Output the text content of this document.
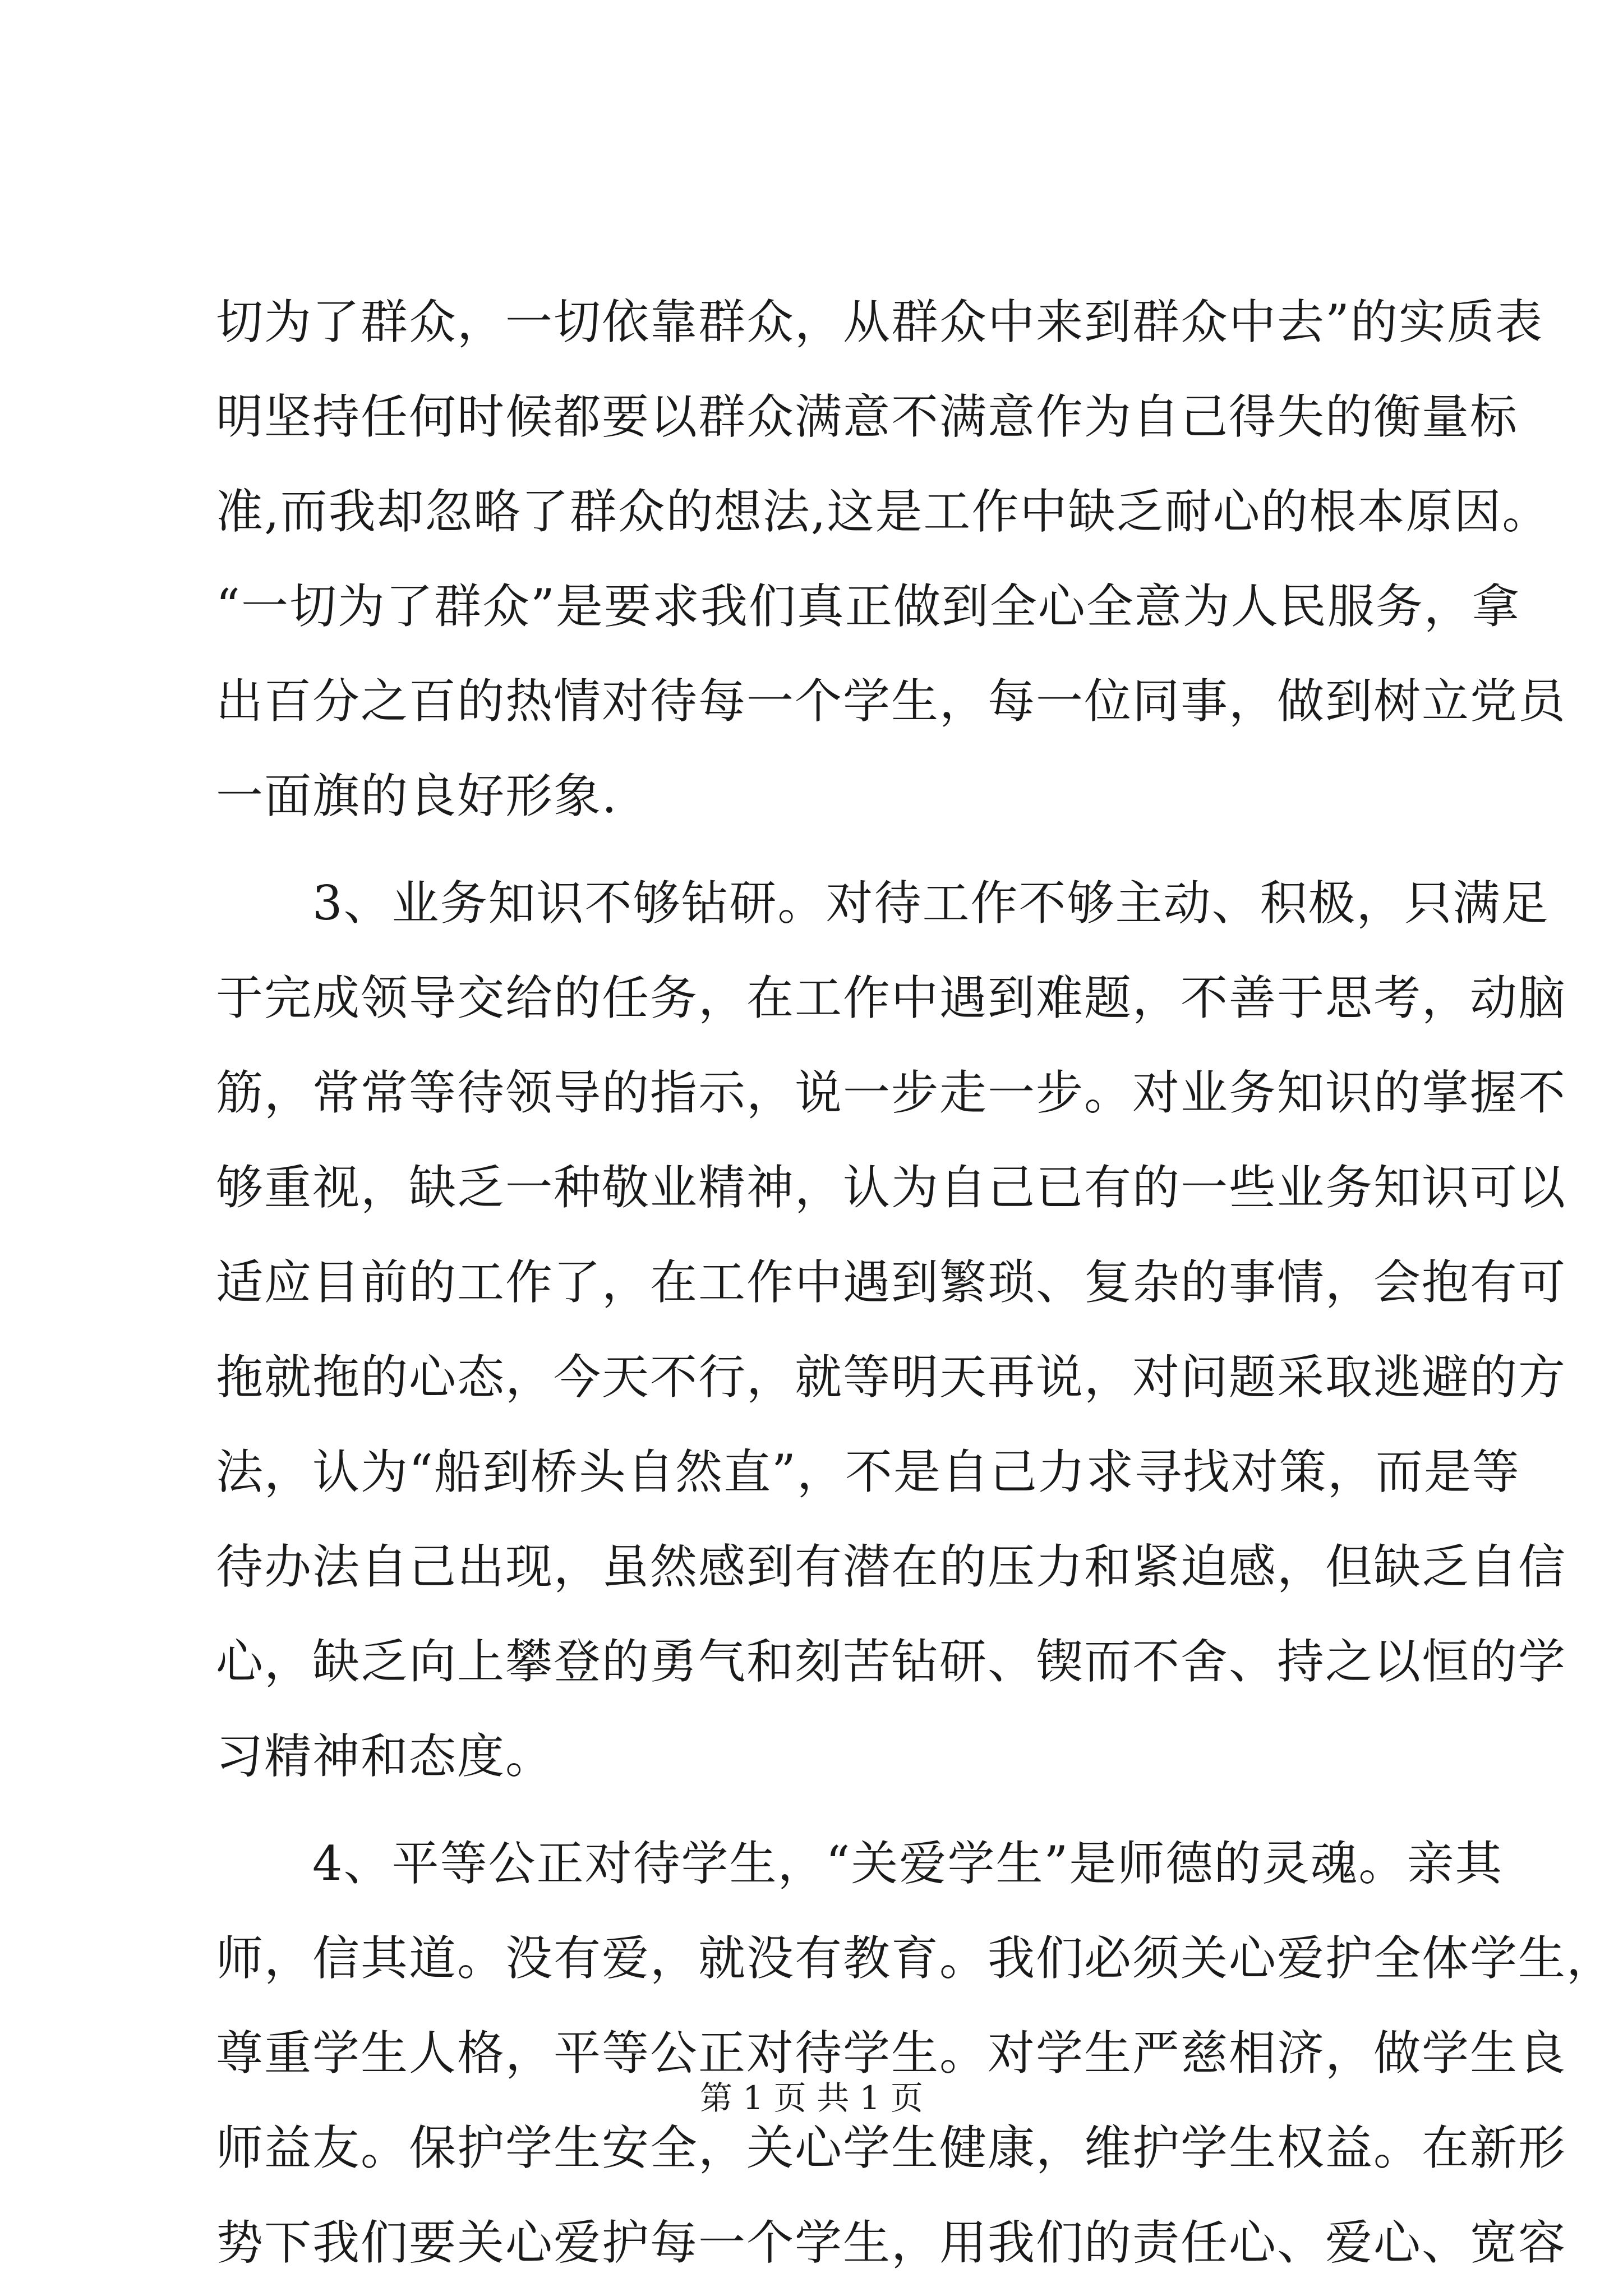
切为了群众，一切依靠群众，从群众中来到群众中去”的实质表
明坚持任何时候都要以群众满意不满意作为自己得失的衡量标
准,而我却忽略了群众的想法,这是工作中缺乏耐心的根本原因。
“一切为了群众”是要求我们真正做到全心全意为人民服务，拿
出百分之百的热情对待每一个学生，每一位同事，做到树立党员
一面旗的良好形象.
　　3、业务知识不够钻研。对待工作不够主动、积极，只满足
于完成领导交给的任务，在工作中遇到难题，不善于思考，动脑
筋，常常等待领导的指示，说一步走一步。对业务知识的掌握不
够重视，缺乏一种敬业精神，认为自己已有的一些业务知识可以
适应目前的工作了，在工作中遇到繁琐、复杂的事情，会抱有可
拖就拖的心态，今天不行，就等明天再说，对问题采取逃避的方
法，认为“船到桥头自然直”，不是自己力求寻找对策，而是等
待办法自己出现，虽然感到有潜在的压力和紧迫感，但缺乏自信
心，缺乏向上攀登的勇气和刻苦钻研、锲而不舍、持之以恒的学
习精神和态度。
　　4、平等公正对待学生，“关爱学生”是师德的灵魂。亲其
师，信其道。没有爱，就没有教育。我们必须关心爱护全体学生，
尊重学生人格，平等公正对待学生。对学生严慈相济，做学生良
师益友。保护学生安全，关心学生健康，维护学生权益。在新形
势下我们要关心爱护每一个学生，用我们的责任心、爱心、宽容
第 1 页 共 1 页
